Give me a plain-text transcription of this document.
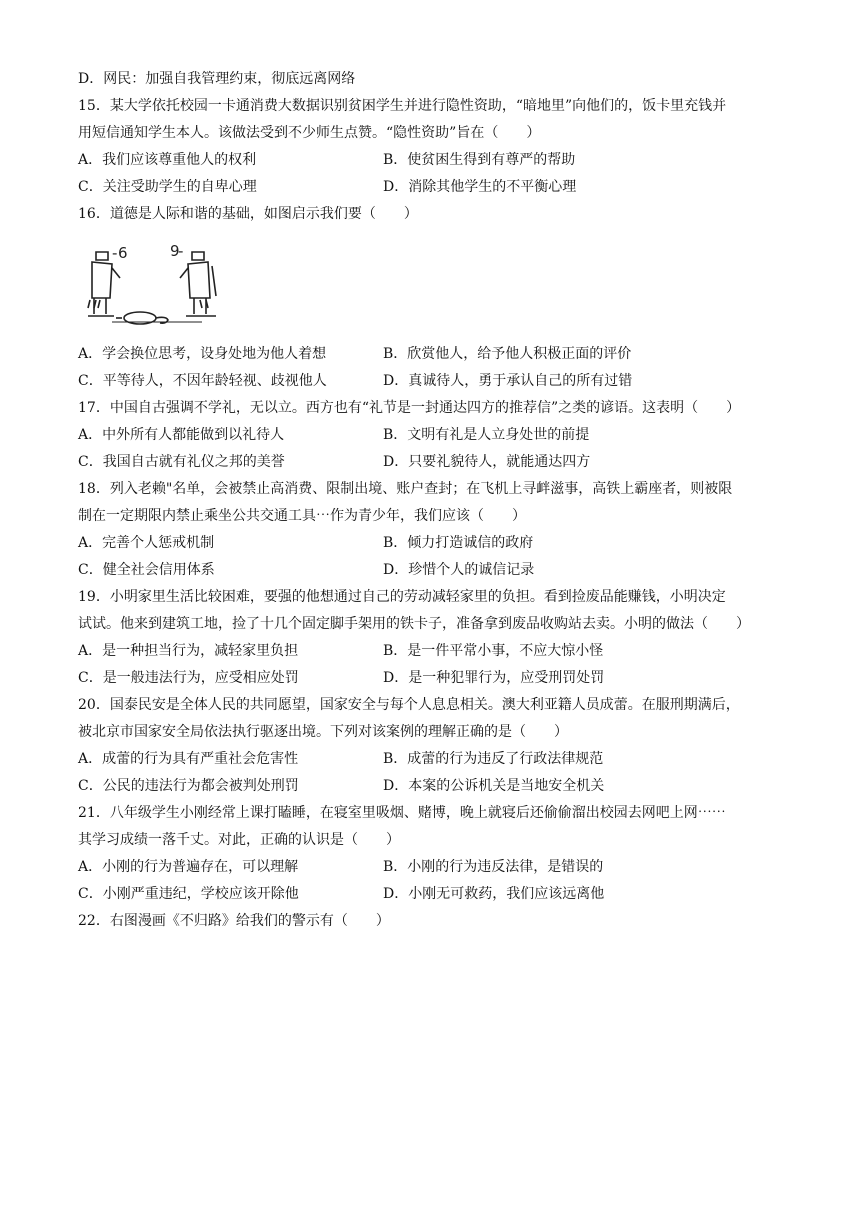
D．网民：加强自我管理约束，彻底远离网络
15．某大学依托校园一卡通消费大数据识别贫困学生并进行隐性资助，“暗地里”向他们的，饭卡里充钱并
用短信通知学生本人。该做法受到不少师生点赞。“隐性资助”旨在（　　）
A．我们应该尊重他人的权利	B．使贫困生得到有尊严的帮助
C．关注受助学生的自卑心理	D．消除其他学生的不平衡心理
16．道德是人际和谐的基础，如图启示我们要（　　）
6
-	9
-
A．学会换位思考，设身处地为他人着想	B．欣赏他人，给予他人积极正面的评价
C．平等待人，不因年龄轻视、歧视他人	D．真诚待人，勇于承认自己的所有过错
17．中国自古强调不学礼，无以立。西方也有“礼节是一封通达四方的推荐信”之类的谚语。这表明（　　）
A．中外所有人都能做到以礼待人	B．文明有礼是人立身处世的前提
C．我国自古就有礼仪之邦的美誉	D．只要礼貌待人，就能通达四方
18．列入老赖"名单，会被禁止高消费、限制出境、账户查封；在飞机上寻衅滋事，高铁上霸座者，则被限
制在一定期限内禁止乘坐公共交通工具⋯作为青少年，我们应该（　　）
A．完善个人惩戒机制	B．倾力打造诚信的政府
C．健全社会信用体系	D．珍惜个人的诚信记录
19．小明家里生活比较困难，要强的他想通过自己的劳动减轻家里的负担。看到捡废品能赚钱，小明决定
试试。他来到建筑工地，捡了十几个固定脚手架用的铁卡子，准备拿到废品收购站去卖。小明的做法（　　）
A．是一种担当行为，减轻家里负担	B．是一件平常小事，不应大惊小怪
C．是一般违法行为，应受相应处罚	D．是一种犯罪行为，应受刑罚处罚
20．国泰民安是全体人民的共同愿望，国家安全与每个人息息相关。澳大利亚籍人员成蕾。在服刑期满后，
被北京市国家安全局依法执行驱逐出境。下列对该案例的理解正确的是（　　）
A．成蕾的行为具有严重社会危害性	B．成蕾的行为违反了行政法律规范
C．公民的违法行为都会被判处刑罚	D．本案的公诉机关是当地安全机关
21．八年级学生小刚经常上课打瞌睡，在寝室里吸烟、赌博，晚上就寝后还偷偷溜出校园去网吧上网⋯⋯
其学习成绩一落千丈。对此，正确的认识是（　　）
A．小刚的行为普遍存在，可以理解	B．小刚的行为违反法律，是错误的
C．小刚严重违纪，学校应该开除他	D．小刚无可救药，我们应该远离他
22．右图漫画《不归路》给我们的警示有（　　）
